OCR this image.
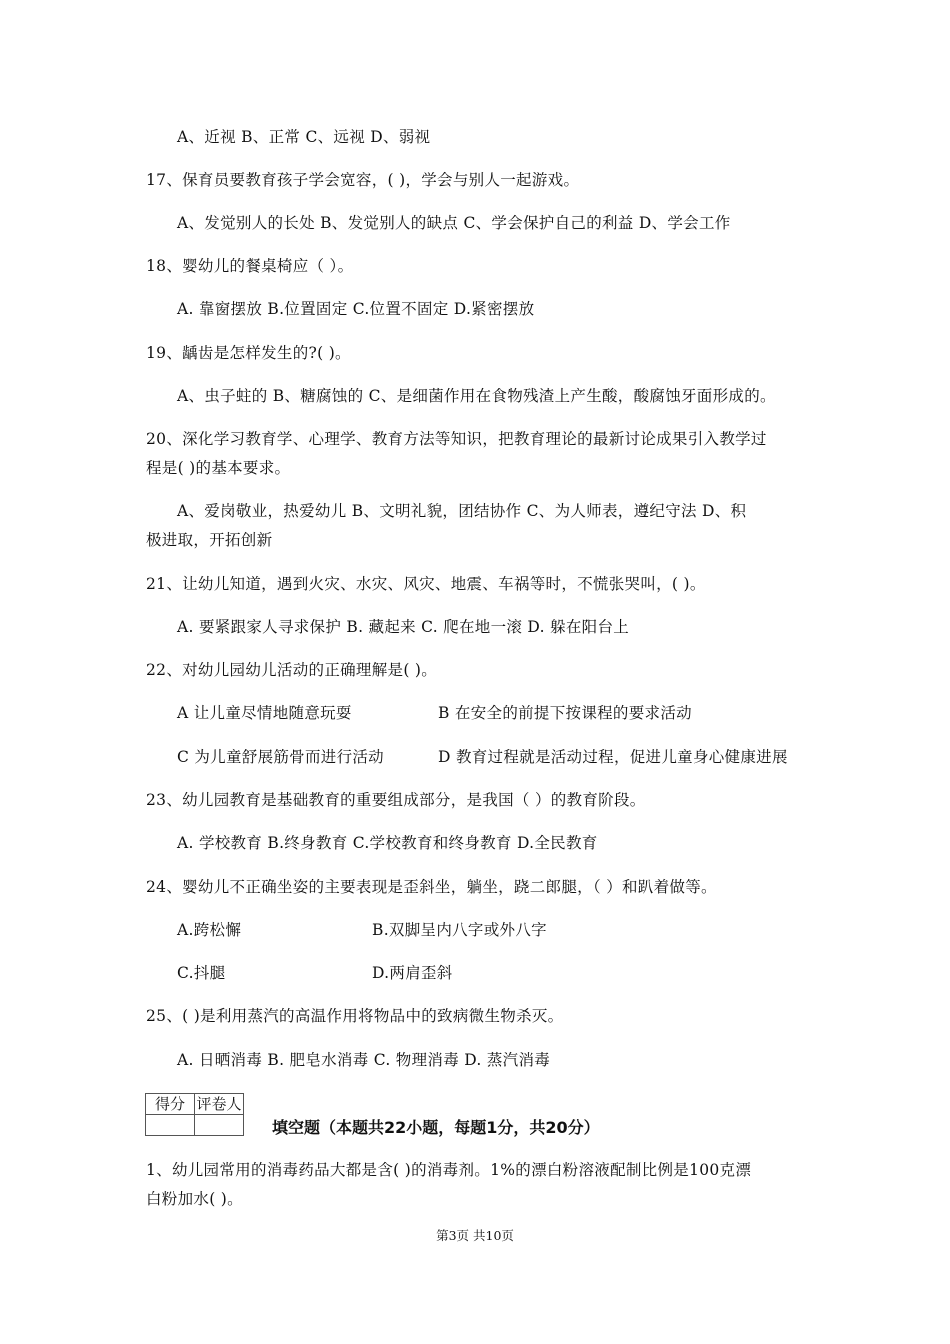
A、近视 B、正常 C、远视 D、弱视
17、保育员要教育孩子学会宽容，( )，学会与别人一起游戏。
A、发觉别人的长处 B、发觉别人的缺点 C、学会保护自己的利益 D、学会工作
18、婴幼儿的餐桌椅应（ ）。
A. 靠窗摆放 B.位置固定 C.位置不固定 D.紧密摆放
19、龋齿是怎样发生的?( )。
A、虫子蛀的 B、糖腐蚀的 C、是细菌作用在食物残渣上产生酸，酸腐蚀牙面形成的。
20、深化学习教育学、心理学、教育方法等知识，把教育理论的最新讨论成果引入教学过
程是( )的基本要求。
A、爱岗敬业，热爱幼儿 B、文明礼貌，团结协作 C、为人师表，遵纪守法 D、积
极进取，开拓创新
21、让幼儿知道，遇到火灾、水灾、风灾、地震、车祸等时，不慌张哭叫，( )。
A. 要紧跟家人寻求保护 B. 藏起来 C. 爬在地一滚 D. 躲在阳台上
22、对幼儿园幼儿活动的正确理解是( )。
A 让儿童尽情地随意玩耍	B 在安全的前提下按课程的要求活动
C 为儿童舒展筋骨而进行活动	D 教育过程就是活动过程，促进儿童身心健康进展
23、幼儿园教育是基础教育的重要组成部分，是我国（ ）的教育阶段。
A. 学校教育 B.终身教育 C.学校教育和终身教育 D.全民教育
24、婴幼儿不正确坐姿的主要表现是歪斜坐，躺坐，跷二郎腿，（ ）和趴着做等。
A.跨松懈	B.双脚呈内八字或外八字
C.抖腿	D.两肩歪斜
25、( )是利用蒸汽的高温作用将物品中的致病微生物杀灭。
A. 日晒消毒 B. 肥皂水消毒 C. 物理消毒 D. 蒸汽消毒
得分	评卷人

填空题（本题共22小题，每题1分，共20分）
1、幼儿园常用的消毒药品大都是含( )的消毒剂。1%的漂白粉溶液配制比例是100克漂
白粉加水( )。
第3页 共10页
